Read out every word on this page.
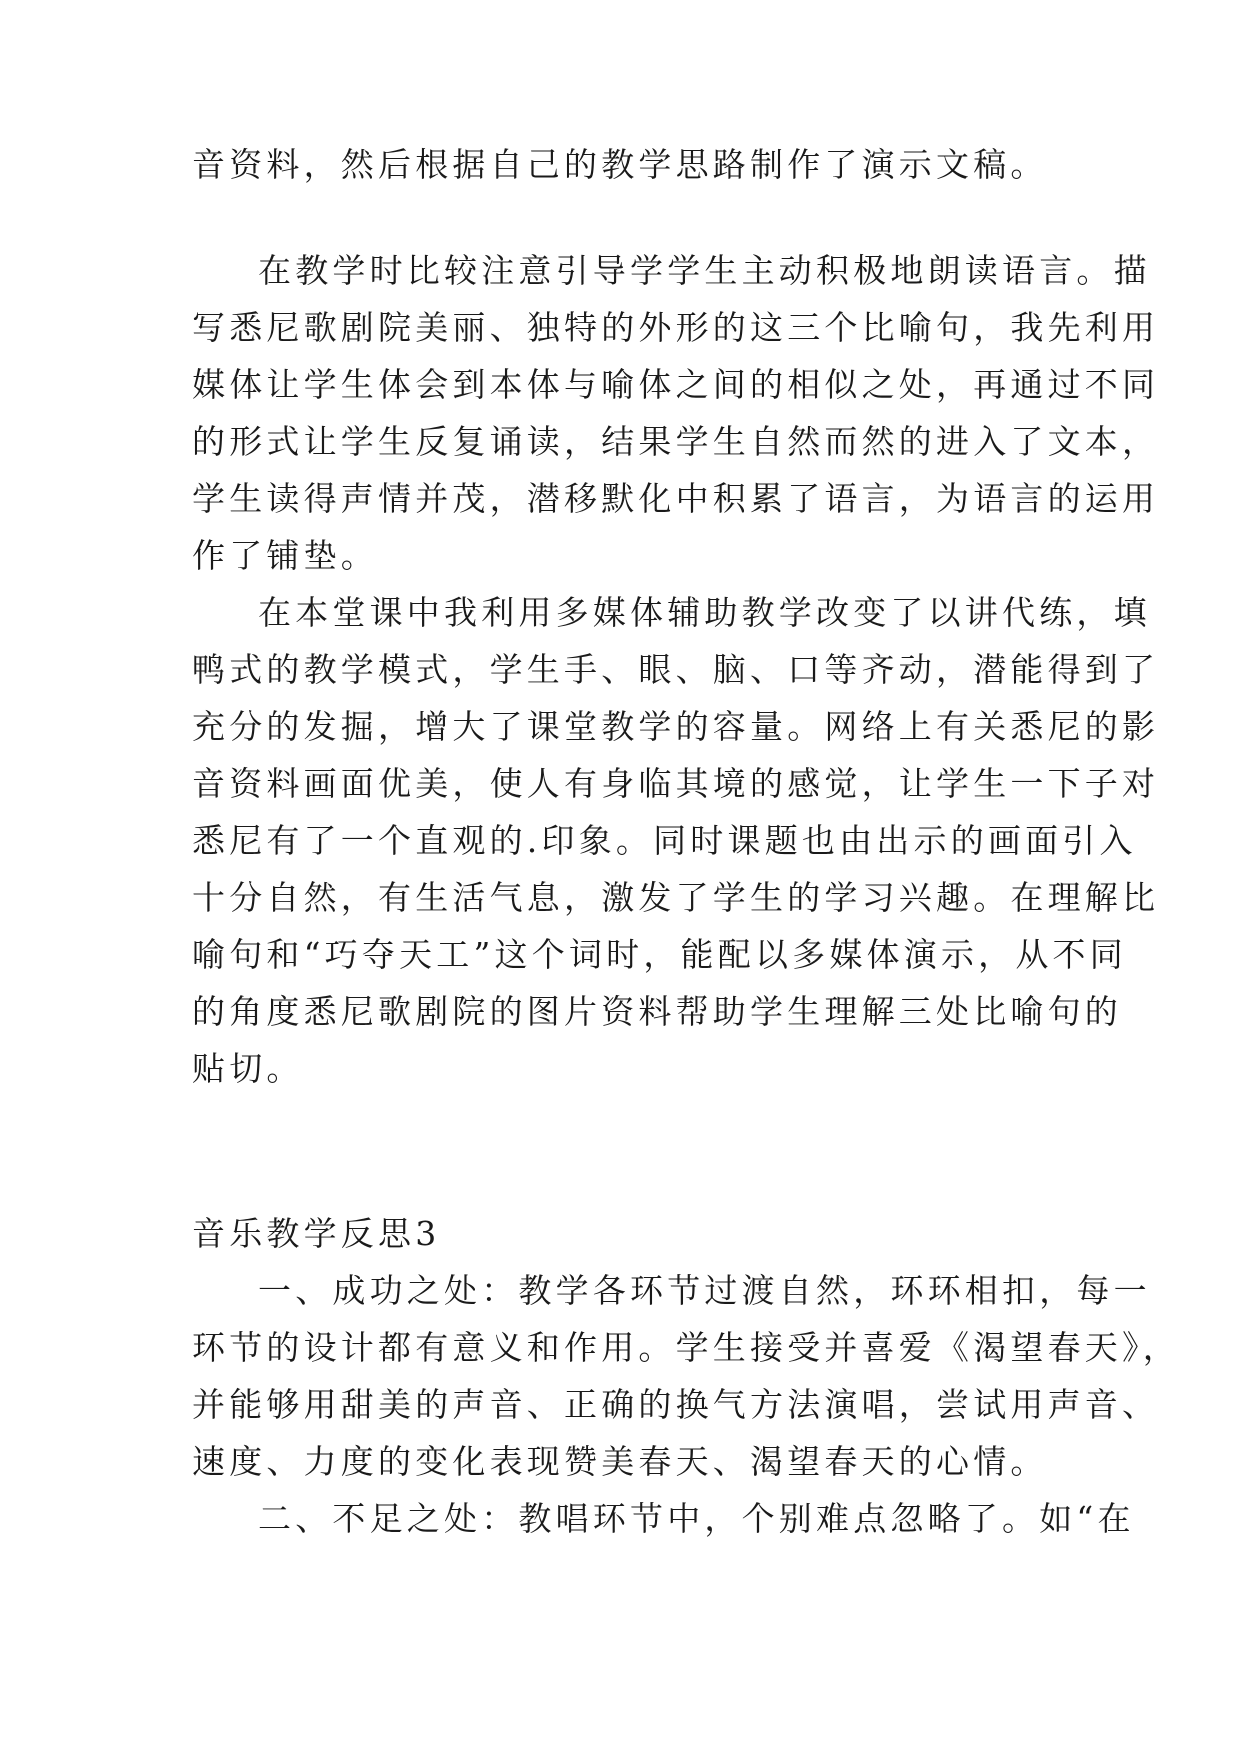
音资料，然后根据自己的教学思路制作了演示文稿。
在教学时比较注意引导学学生主动积极地朗读语言。描
写悉尼歌剧院美丽、独特的外形的这三个比喻句，我先利用
媒体让学生体会到本体与喻体之间的相似之处，再通过不同
的形式让学生反复诵读，结果学生自然而然的进入了文本，
学生读得声情并茂，潜移默化中积累了语言，为语言的运用
作了铺垫。
在本堂课中我利用多媒体辅助教学改变了以讲代练，填
鸭式的教学模式，学生手、眼、脑、口等齐动，潜能得到了
充分的发掘，增大了课堂教学的容量。网络上有关悉尼的影
音资料画面优美，使人有身临其境的感觉，让学生一下子对
悉尼有了一个直观的.印象。同时课题也由出示的画面引入
十分自然，有生活气息，激发了学生的学习兴趣。在理解比
喻句和“巧夺天工”这个词时，能配以多媒体演示，从不同
的角度悉尼歌剧院的图片资料帮助学生理解三处比喻句的
贴切。
音乐教学反思3
一、成功之处：教学各环节过渡自然，环环相扣，每一
环节的设计都有意义和作用。学生接受并喜爱《渴望春天》，
并能够用甜美的声音、正确的换气方法演唱，尝试用声音、
速度、力度的变化表现赞美春天、渴望春天的心情。
二、不足之处：教唱环节中，个别难点忽略了。如“在
